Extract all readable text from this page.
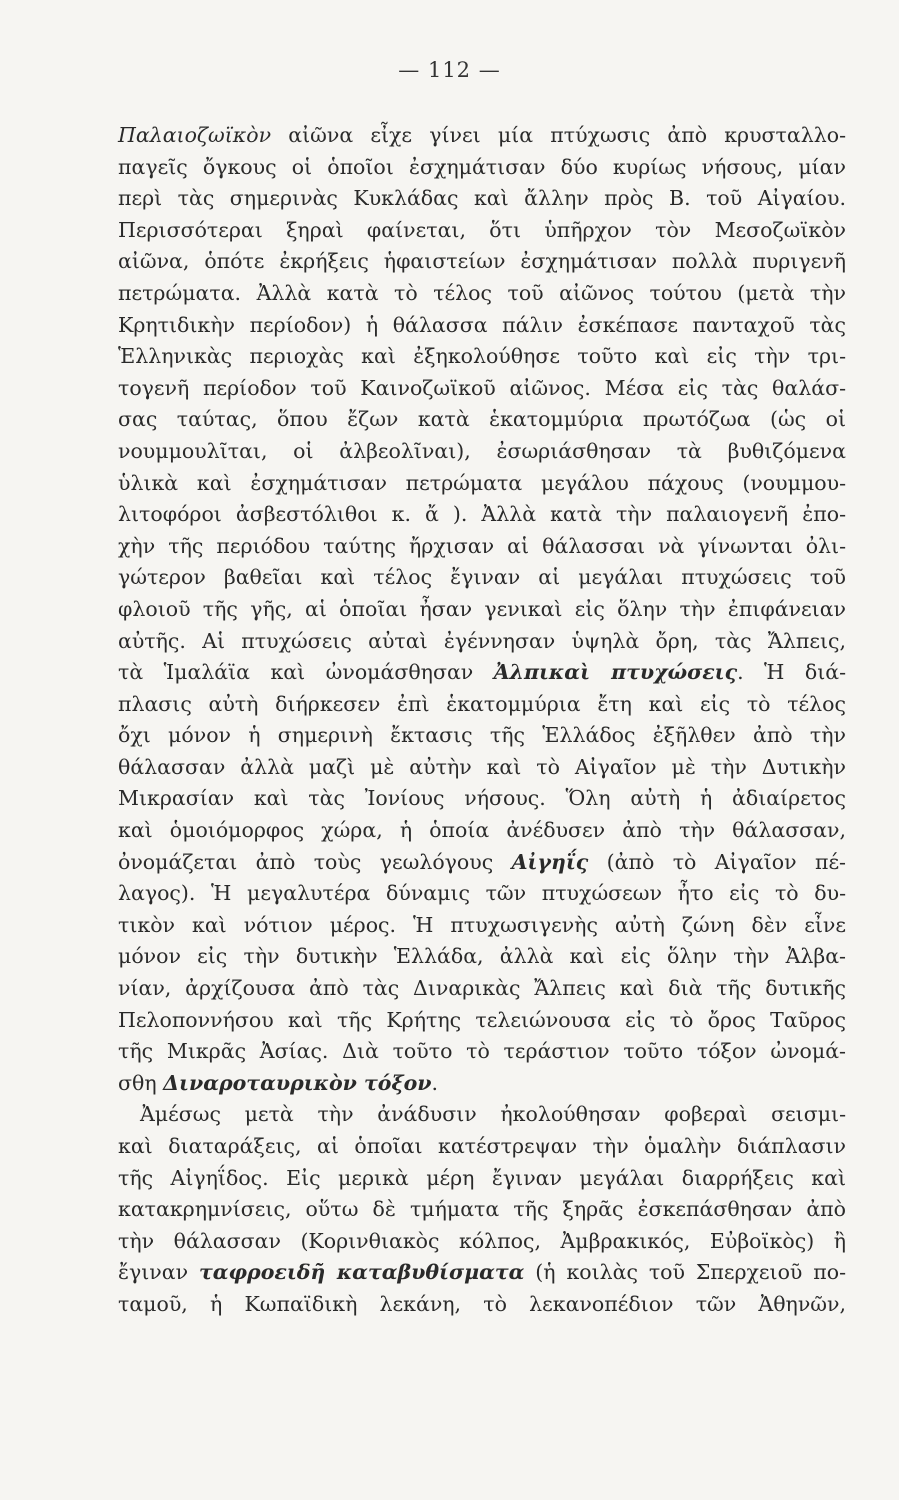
— 112 —
Παλαιοζωϊκὸν αἰῶνα εἶχε γίνει μία πτύχωσις ἀπὸ κρυσταλλο-
παγεῖς ὄγκους οἱ ὁποῖοι ἐσχημάτισαν δύο κυρίως νήσους, μίαν
περὶ τὰς σημερινὰς Κυκλάδας καὶ ἄλλην πρὸς Β. τοῦ Αἰγαίου.
Περισσότεραι ξηραὶ φαίνεται, ὅτι ὑπῆρχον τὸν Μεσοζωϊκὸν
αἰῶνα, ὁπότε ἐκρήξεις ἡφαιστείων ἐσχημάτισαν πολλὰ πυριγενῆ
πετρώματα. Ἀλλὰ κατὰ τὸ τέλος τοῦ αἰῶνος τούτου (μετὰ τὴν
Κρητιδικὴν περίοδον) ἡ θάλασσα πάλιν ἐσκέπασε πανταχοῦ τὰς
Ἑλληνικὰς περιοχὰς καὶ ἐξηκολούθησε τοῦτο καὶ εἰς τὴν τρι-
τογενῆ περίοδον τοῦ Καινοζωϊκοῦ αἰῶνος. Μέσα εἰς τὰς θαλάσ-
σας ταύτας, ὅπου ἔζων κατὰ ἑκατομμύρια πρωτόζωα (ὡς οἱ
νουμμουλῖται, οἱ ἀλβεολῖναι), ἐσωριάσθησαν τὰ βυθιζόμενα
ὑλικὰ καὶ ἐσχημάτισαν πετρώματα μεγάλου πάχους (νουμμου-
λιτοφόροι ἀσβεστόλιθοι κ. ἄ ). Ἀλλὰ κατὰ τὴν παλαιογενῆ ἐπο-
χὴν τῆς περιόδου ταύτης ἤρχισαν αἱ θάλασσαι νὰ γίνωνται ὀλι-
γώτερον βαθεῖαι καὶ τέλος ἔγιναν αἱ μεγάλαι πτυχώσεις τοῦ
φλοιοῦ τῆς γῆς, αἱ ὁποῖαι ἦσαν γενικαὶ εἰς ὅλην τὴν ἐπιφάνειαν
αὐτῆς. Αἱ πτυχώσεις αὐταὶ ἐγέννησαν ὑψηλὰ ὄρη, τὰς Ἄλπεις,
τὰ Ἱμαλάϊα καὶ ὠνομάσθησαν Ἀλπικαὶ πτυχώσεις. Ἡ διά-
πλασις αὐτὴ διήρκεσεν ἐπὶ ἑκατομμύρια ἔτη καὶ εἰς τὸ τέλος
ὄχι μόνον ἡ σημερινὴ ἔκτασις τῆς Ἑλλάδος ἐξῆλθεν ἀπὸ τὴν
θάλασσαν ἀλλὰ μαζὶ μὲ αὐτὴν καὶ τὸ Αἰγαῖον μὲ τὴν Δυτικὴν
Μικρασίαν καὶ τὰς Ἰονίους νήσους. Ὅλη αὐτὴ ἡ ἀδιαίρετος
καὶ ὁμοιόμορφος χώρα, ἡ ὁποία ἀνέδυσεν ἀπὸ τὴν θάλασσαν,
ὀνομάζεται ἀπὸ τοὺς γεωλόγους Αἰγηΐς (ἀπὸ τὸ Αἰγαῖον πέ-
λαγος). Ἡ μεγαλυτέρα δύναμις τῶν πτυχώσεων ἦτο εἰς τὸ δυ-
τικὸν καὶ νότιον μέρος. Ἡ πτυχωσιγενὴς αὐτὴ ζώνη δὲν εἶνε
μόνον εἰς τὴν δυτικὴν Ἑλλάδα, ἀλλὰ καὶ εἰς ὅλην τὴν Ἀλβα-
νίαν, ἀρχίζουσα ἀπὸ τὰς Διναρικὰς Ἄλπεις καὶ διὰ τῆς δυτικῆς
Πελοποννήσου καὶ τῆς Κρήτης τελειώνουσα εἰς τὸ ὄρος Ταῦρος
τῆς Μικρᾶς Ἀσίας. Διὰ τοῦτο τὸ τεράστιον τοῦτο τόξον ὠνομά-
σθη Διναροταυρικὸν τόξον.
Ἀμέσως μετὰ τὴν ἀνάδυσιν ἠκολούθησαν φοβεραὶ σεισμι-
καὶ διαταράξεις, αἱ ὁποῖαι κατέστρεψαν τὴν ὁμαλὴν διάπλασιν
τῆς Αἰγηΐδος. Εἰς μερικὰ μέρη ἔγιναν μεγάλαι διαρρήξεις καὶ
κατακρημνίσεις, οὕτω δὲ τμήματα τῆς ξηρᾶς ἐσκεπάσθησαν ἀπὸ
τὴν θάλασσαν (Κορινθιακὸς κόλπος, Ἀμβρακικός, Εὐβοϊκὸς) ἢ
ἔγιναν ταφροειδῆ καταβυθίσματα (ἡ κοιλὰς τοῦ Σπερχειοῦ πο-
ταμοῦ, ἡ Κωπαϊδικὴ λεκάνη, τὸ λεκανοπέδιον τῶν Ἀθηνῶν,
